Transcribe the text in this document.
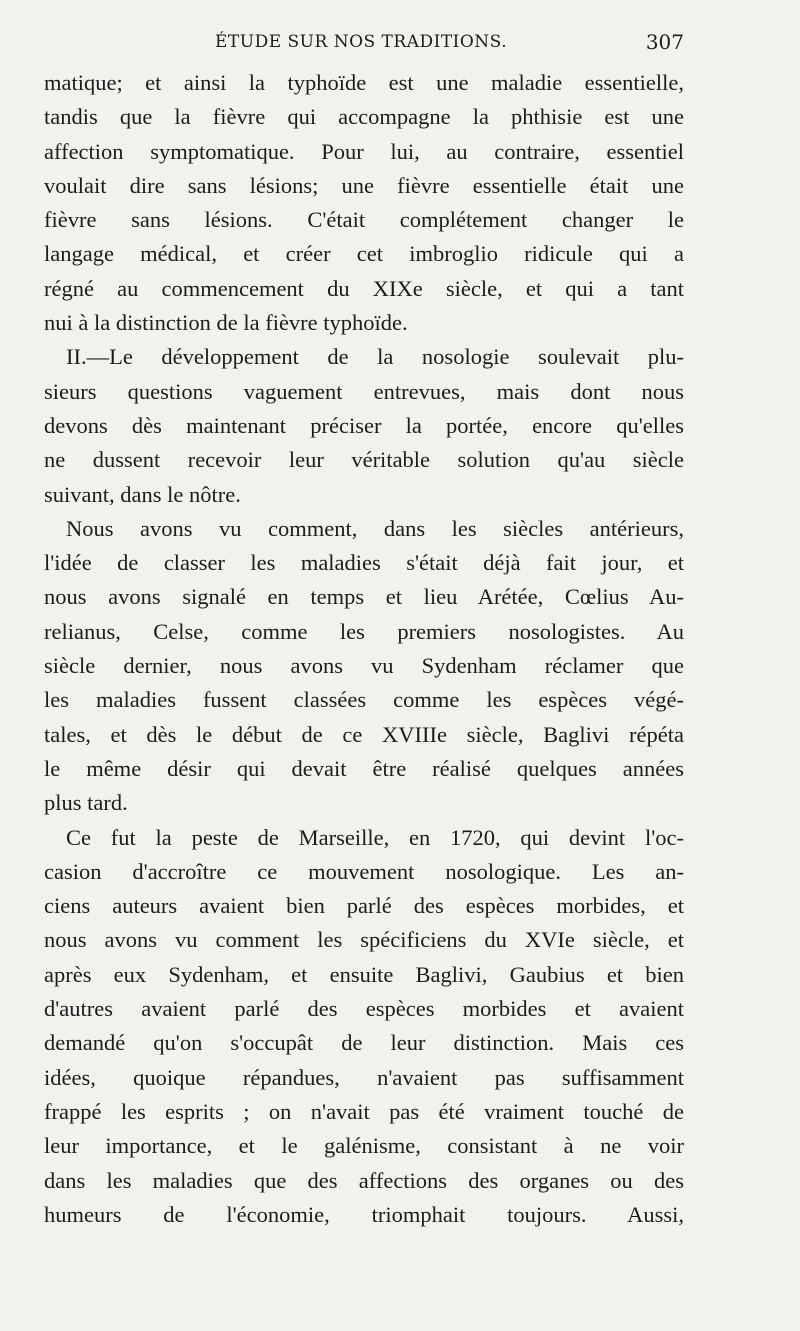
ÉTUDE SUR NOS TRADITIONS.	307
matique; et ainsi la typhoïde est une maladie essentielle,
tandis que la fièvre qui accompagne la phthisie est une
affection symptomatique. Pour lui, au contraire, essentiel
voulait dire sans lésions; une fièvre essentielle était une
fièvre sans lésions. C'était complétement changer le
langage médical, et créer cet imbroglio ridicule qui a
régné au commencement du XIXe siècle, et qui a tant
nui à la distinction de la fièvre typhoïde.
II.—Le développement de la nosologie soulevait plu-
sieurs questions vaguement entrevues, mais dont nous
devons dès maintenant préciser la portée, encore qu'elles
ne dussent recevoir leur véritable solution qu'au siècle
suivant, dans le nôtre.
Nous avons vu comment, dans les siècles antérieurs,
l'idée de classer les maladies s'était déjà fait jour, et
nous avons signalé en temps et lieu Arétée, Cœlius Au-
relianus, Celse, comme les premiers nosologistes. Au
siècle dernier, nous avons vu Sydenham réclamer que
les maladies fussent classées comme les espèces végé-
tales, et dès le début de ce XVIIIe siècle, Baglivi répéta
le même désir qui devait être réalisé quelques années
plus tard.
Ce fut la peste de Marseille, en 1720, qui devint l'oc-
casion d'accroître ce mouvement nosologique. Les an-
ciens auteurs avaient bien parlé des espèces morbides, et
nous avons vu comment les spécificiens du XVIe siècle, et
après eux Sydenham, et ensuite Baglivi, Gaubius et bien
d'autres avaient parlé des espèces morbides et avaient
demandé qu'on s'occupât de leur distinction. Mais ces
idées, quoique répandues, n'avaient pas suffisamment
frappé les esprits ; on n'avait pas été vraiment touché de
leur importance, et le galénisme, consistant à ne voir
dans les maladies que des affections des organes ou des
humeurs de l'économie, triomphait toujours. Aussi,
